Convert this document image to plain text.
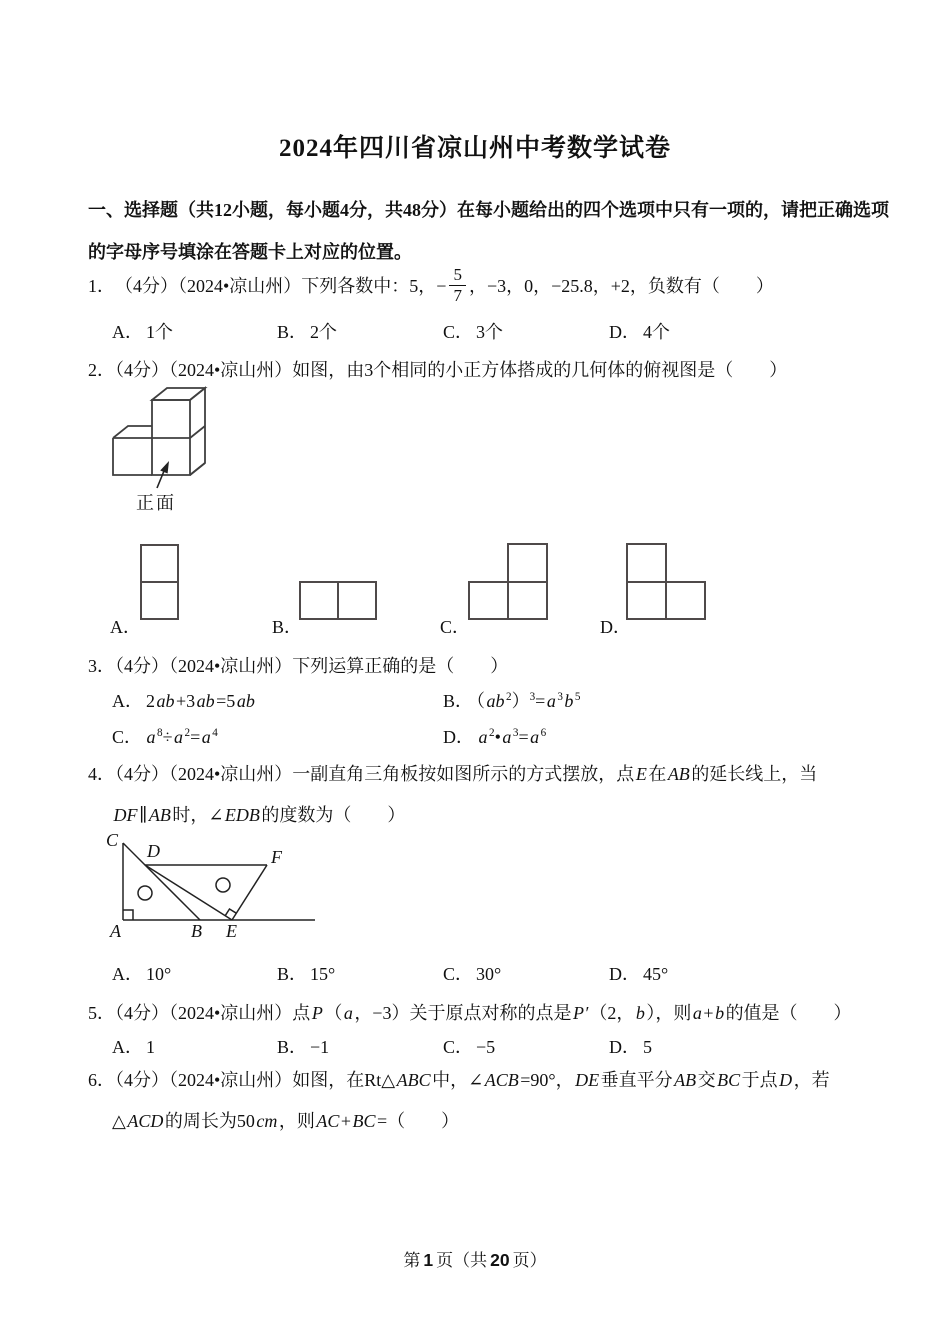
2024年四川省凉山州中考数学试卷
一、选择题（共12小题，每小题4分，共48分）在每小题给出的四个选项中只有一项的，请把正确选项
的字母序号填涂在答题卡上对应的位置。
1． （4分）（2024•凉山州）下列各数中：5，− $\frac{5}{7}$ ，−3，0，−25.8，+2，负数有（　　）
A． 1个	B． 2个	C． 3个	D． 4个
2．（4分）（2024•凉山州）如图，由3个相同的小正方体搭成的几何体的俯视图是（　　）
正面
A．	B．	C．	D．
3．（4分）（2024•凉山州）下列运算正确的是（　　）
A． 2ab+3ab=5ab	B． （ab $^2$）$^3$=a $^3$b $^5$
C． a $^8$÷a $^2$=a $^4$	D． a $^2$•a $^3$=a $^6$
4．（4分）（2024•凉山州）一副直角三角板按如图所示的方式摆放，点E在AB的延长线上，当
DF∥AB时，∠EDB的度数为（　　）
C
D	F
A	B E
A． 10°	B． 15°	C． 30°	D． 45°
5．（4分）（2024•凉山州）点P（a，−3）关于原点对称的点是P′（2，b），则a+b的值是（　　）
A． 1	B． −1	C． −5	D． 5
6．（4分）（2024•凉山州）如图，在Rt△ABC中，∠ACB=90°，DE垂直平分AB交BC于点D，若
△ACD的周长为50cm，则AC+BC=（　　）
第 1 页（共 20 页）
